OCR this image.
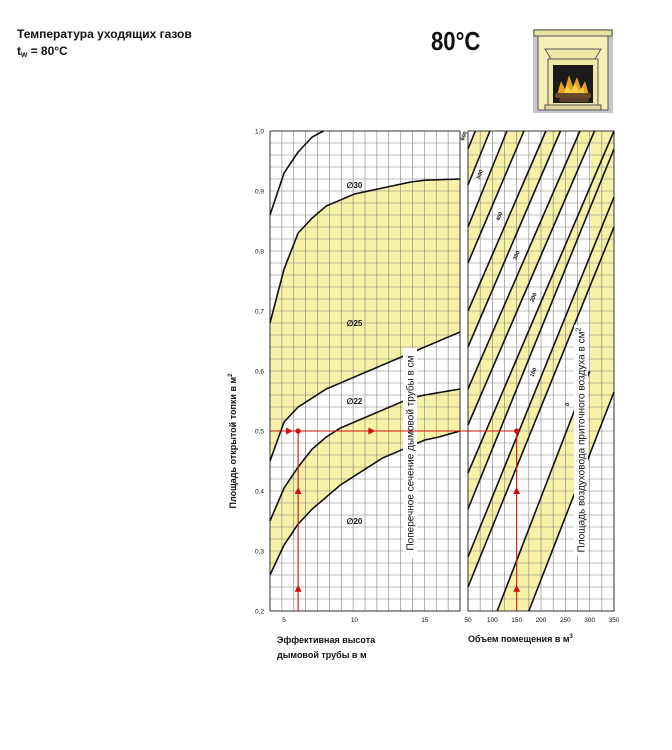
Температура уходящих газов
$t_w = 80^\circ C$	80°C
0,2
0,3
0,4
0,5
0,6
0,7
0,8
0,9
1,0
5	10	15	50 100 150 200 250 300 350
∅30
∅25
∅22
∅20
0
100
200
300
400
500
600
Площадь открытой топки в $м^2$
Эффективная высота
дымовой трубы в м
Объем помещения в $м^3$
Поперечное сечение дымовой трубы в см	Площадь воздуховода приточного воздуха в $см^2$
